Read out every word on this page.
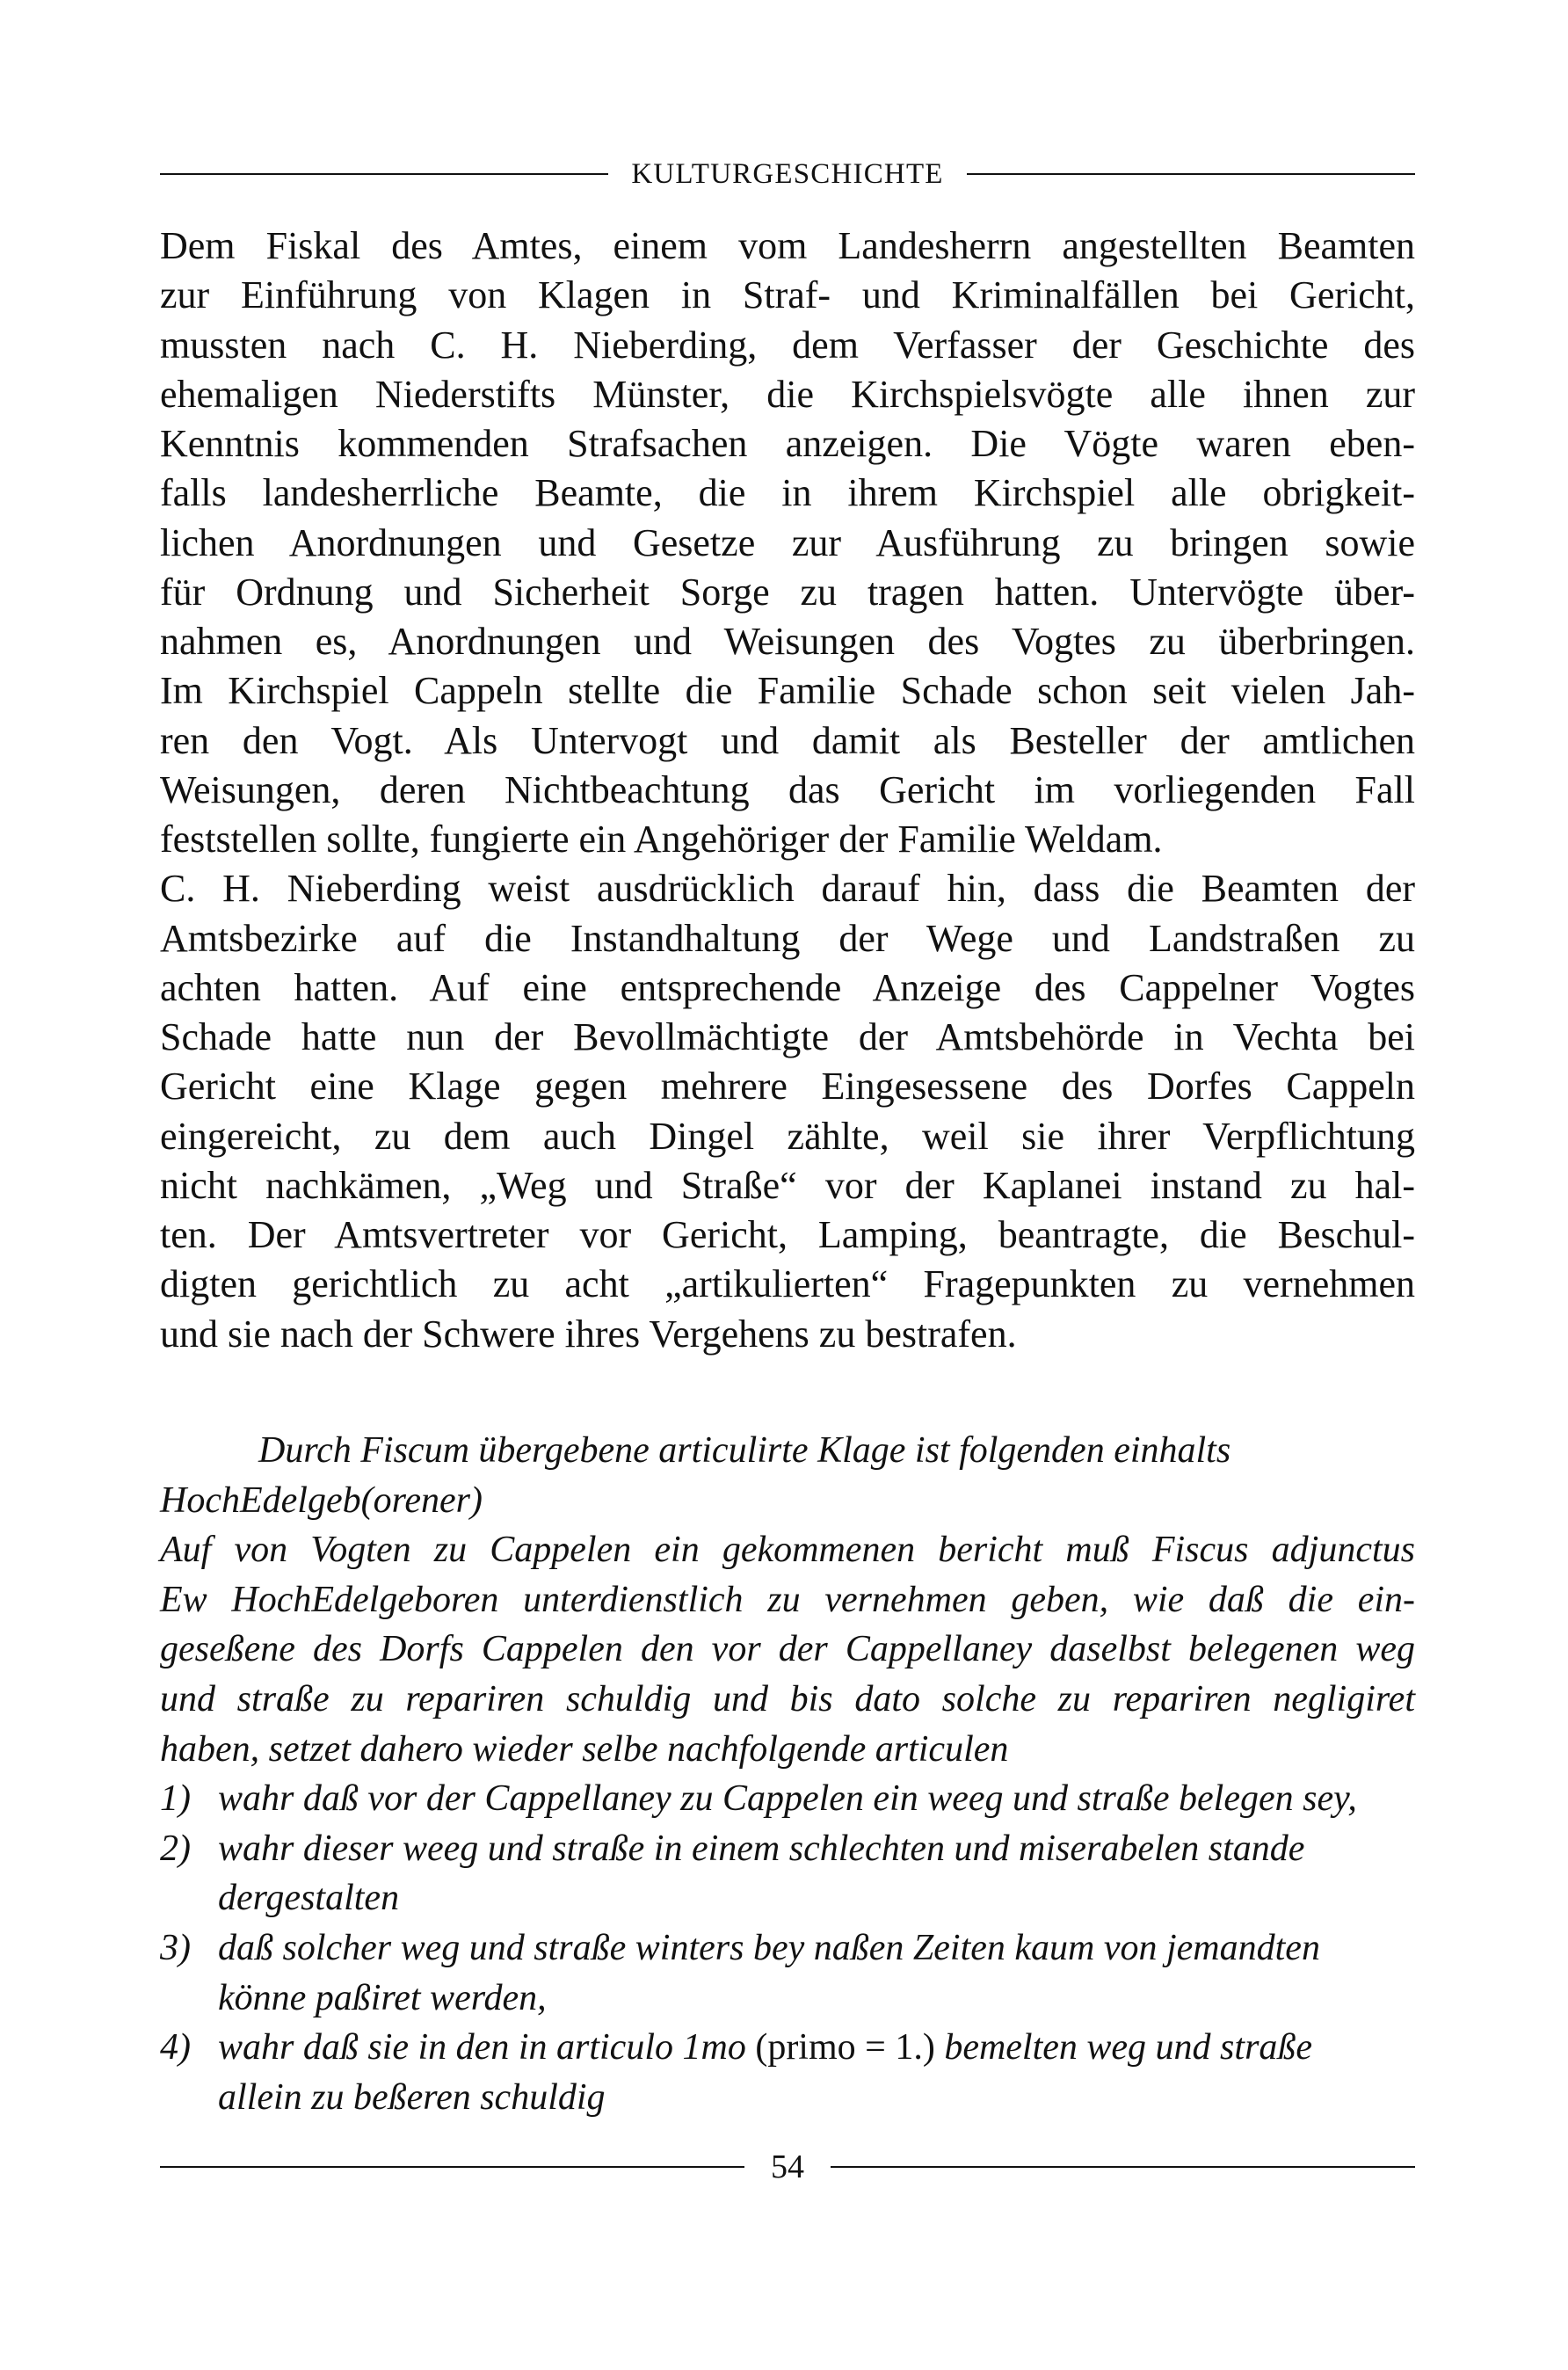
KULTURGESCHICHTE
Dem Fiskal des Amtes, einem vom Landesherrn angestellten Beamten
zur Einführung von Klagen in Straf- und Kriminalfällen bei Gericht,
mussten nach C. H. Nieberding, dem Verfasser der Geschichte des
ehemaligen Niederstifts Münster, die Kirchspielsvögte alle ihnen zur
Kenntnis kommenden Strafsachen anzeigen. Die Vögte waren eben-
falls landesherrliche Beamte, die in ihrem Kirchspiel alle obrigkeit-
lichen Anordnungen und Gesetze zur Ausführung zu bringen sowie
für Ordnung und Sicherheit Sorge zu tragen hatten. Untervögte über-
nahmen es, Anordnungen und Weisungen des Vogtes zu überbringen.
Im Kirchspiel Cappeln stellte die Familie Schade schon seit vielen Jah-
ren den Vogt. Als Untervogt und damit als Besteller der amtlichen
Weisungen, deren Nichtbeachtung das Gericht im vorliegenden Fall
feststellen sollte, fungierte ein Angehöriger der Familie Weldam.
C. H. Nieberding weist ausdrücklich darauf hin, dass die Beamten der
Amtsbezirke auf die Instandhaltung der Wege und Landstraßen zu
achten hatten. Auf eine entsprechende Anzeige des Cappelner Vogtes
Schade hatte nun der Bevollmächtigte der Amtsbehörde in Vechta bei
Gericht eine Klage gegen mehrere Eingesessene des Dorfes Cappeln
eingereicht, zu dem auch Dingel zählte, weil sie ihrer Verpflichtung
nicht nachkämen, „Weg und Straße“ vor der Kaplanei instand zu hal-
ten. Der Amtsvertreter vor Gericht, Lamping, beantragte, die Beschul-
digten gerichtlich zu acht „artikulierten“ Fragepunkten zu vernehmen
und sie nach der Schwere ihres Vergehens zu bestrafen.
Durch Fiscum übergebene articulirte Klage ist folgenden einhalts
HochEdelgeb(orener)
Auf von Vogten zu Cappelen ein gekommenen bericht muß Fiscus adjunctus
Ew HochEdelgeboren unterdienstlich zu vernehmen geben, wie daß die ein-
geseßene des Dorfs Cappelen den vor der Cappellaney daselbst belegenen weg
und straße zu repariren schuldig und bis dato solche zu repariren negligiret
haben, setzet dahero wieder selbe nachfolgende articulen
1) wahr daß vor der Cappellaney zu Cappelen ein weeg und straße belegen sey,
2) wahr dieser weeg und straße in einem schlechten und miserabelen stande
dergestalten
3) daß solcher weg und straße winters bey naßen Zeiten kaum von jemandten
könne paßiret werden,
4) wahr daß sie in den in articulo 1mo (primo = 1.) bemelten weg und straße
allein zu beßeren schuldig
54
